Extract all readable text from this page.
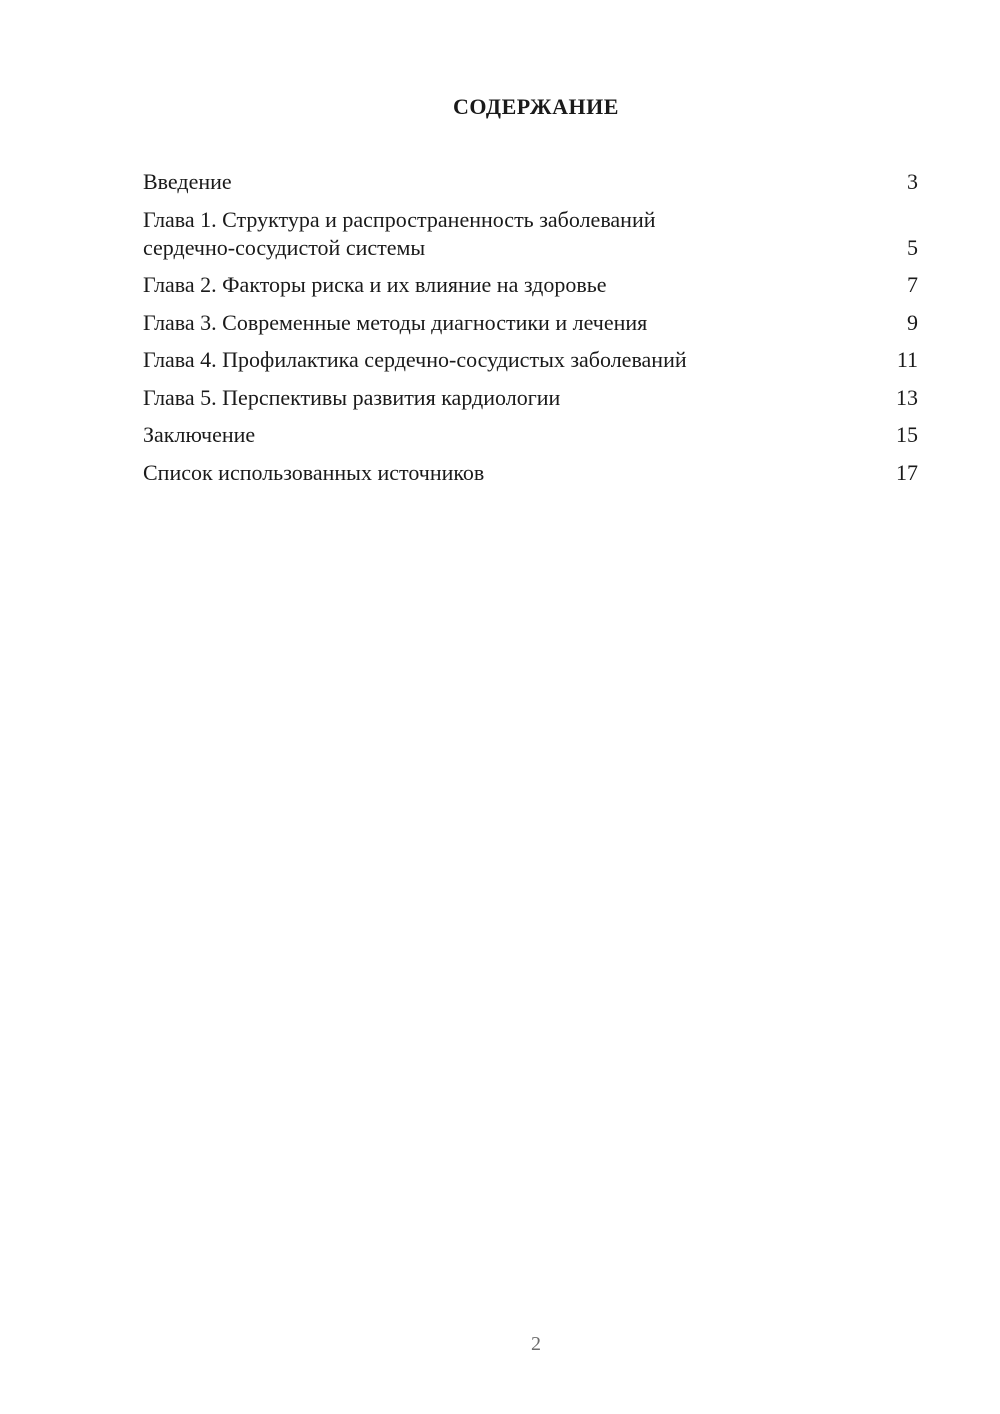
СОДЕРЖАНИЕ
Введение	3
Глава 1. Структура и распространенность заболеваний
сердечно-сосудистой системы	5
Глава 2. Факторы риска и их влияние на здоровье	7
Глава 3. Современные методы диагностики и лечения	9
Глава 4. Профилактика сердечно-сосудистых заболеваний	11
Глава 5. Перспективы развития кардиологии	13
Заключение	15
Список использованных источников	17
2
